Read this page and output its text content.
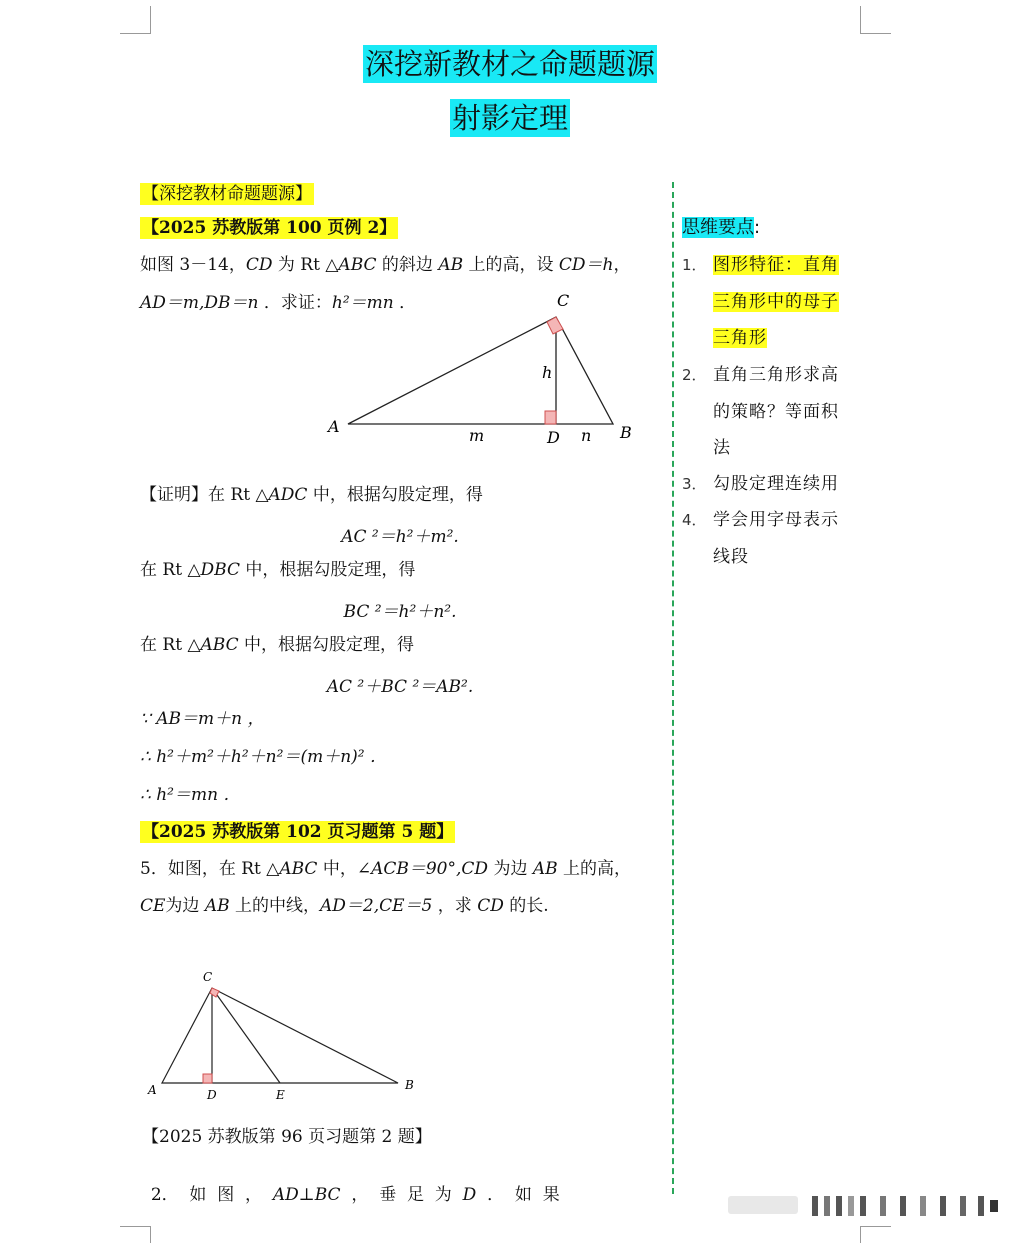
深挖新教材之命题题源
射影定理
【深挖教材命题题源】
【2025 苏教版第 100 页例 2】
如图 3－14，CD 为 Rt △ABC 的斜边 AB 上的高，设 CD＝h，
AD＝m,DB＝n ．求证：h²＝mn ．
A	B
C
D
h
m	n
【证明】在 Rt △ADC 中，根据勾股定理，得
AC ²＝h²＋m².
在 Rt △DBC 中，根据勾股定理，得
BC ²＝h²＋n².
在 Rt △ABC 中，根据勾股定理，得
AC ²＋BC ²＝AB².
∵ AB＝m＋n ，
∴ h²＋m²＋h²＋n²＝(m＋n)² ．
∴ h²＝mn ．
【2025 苏教版第 102 页习题第 5 题】
5．如图，在 Rt △ABC 中，∠ACB＝90°,CD 为边 AB 上的高，
CE为边 AB 上的中线，AD＝2,CE＝5 ，求 CD 的长.
C
A	D	E
B
【2025 苏教版第 96 页习题第 2 题】

2．  如  图  ，  AD⊥BC  ，  垂  足  为  D  ．  如  果

思维要点:
1． 图形特征：直角三角形中的母子三角形
2． 直角三角形求高的策略？等面积法
3． 勾股定理连续用
4． 学会用字母表示线段
